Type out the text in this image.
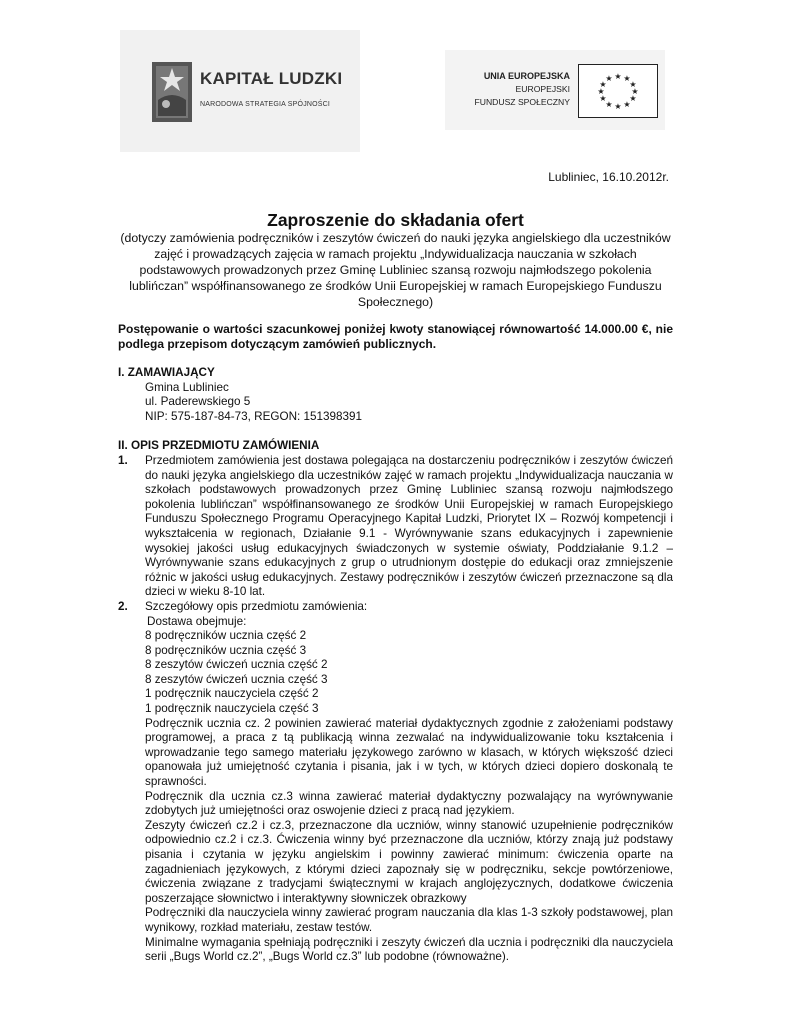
KAPITAŁ LUDZKI
NARODOWA STRATEGIA SPÓJNOŚCI
UNIA EUROPEJSKA
EUROPEJSKI
FUNDUSZ SPOŁECZNY
★ ★
★
★
★
★
★
★
★
★
★
★
Lubliniec, 16.10.2012r.
Zaproszenie do składania ofert
(dotyczy zamówienia podręczników i zeszytów ćwiczeń do nauki języka angielskiego dla uczestników zajęć i prowadzących zajęcia w ramach projektu „Indywidualizacja nauczania w szkołach podstawowych prowadzonych przez Gminę Lubliniec szansą rozwoju najmłodszego pokolenia lublińczan” współfinansowanego ze środków Unii Europejskiej w ramach Europejskiego Funduszu Społecznego)

Postępowanie o wartości szacunkowej poniżej kwoty stanowiącej równowartość 14.000.00 €, nie podlega przepisom dotyczącym zamówień publicznych.

I. ZAMAWIAJĄCY

Gmina Lubliniec

ul. Paderewskiego 5

NIP: 575-187-84-73, REGON: 151398391

II. OPIS PRZEDMIOTU ZAMÓWIENIA

1. Przedmiotem zamówienia jest dostawa polegająca na dostarczeniu podręczników i zeszytów ćwiczeń do nauki języka angielskiego dla uczestników zajęć w ramach projektu „Indywidualizacja nauczania w szkołach podstawowych prowadzonych przez Gminę Lubliniec szansą rozwoju najmłodszego pokolenia lublińczan” współfinansowanego ze środków Unii Europejskiej w ramach Europejskiego Funduszu Społecznego Programu Operacyjnego Kapitał Ludzki, Priorytet IX – Rozwój kompetencji i wykształcenia w regionach, Działanie 9.1 - Wyrównywanie szans edukacyjnych i zapewnienie wysokiej jakości usług edukacyjnych świadczonych w systemie oświaty, Poddziałanie 9.1.2 – Wyrównywanie szans edukacyjnych z grup o utrudnionym dostępie do edukacji oraz zmniejszenie różnic w jakości usług edukacyjnych. Zestawy podręczników i zeszytów ćwiczeń przeznaczone są dla dzieci w wieku 8-10 lat.

2. Szczegółowy opis przedmiotu zamówienia:

Dostawa obejmuje:

8 podręczników ucznia część 2

8 podręczników ucznia część 3

8 zeszytów ćwiczeń ucznia część 2

8 zeszytów ćwiczeń ucznia część 3

1 podręcznik nauczyciela część 2

1 podręcznik nauczyciela część 3

Podręcznik ucznia cz. 2 powinien zawierać materiał dydaktycznych zgodnie z założeniami podstawy programowej, a praca z tą publikacją winna zezwalać na indywidualizowanie toku kształcenia i wprowadzanie tego samego materiału językowego zarówno w klasach, w których większość dzieci opanowała już umiejętność czytania i pisania, jak i w tych, w których dzieci dopiero doskonalą te sprawności.

Podręcznik dla ucznia cz.3 winna zawierać materiał dydaktyczny pozwalający na wyrównywanie zdobytych już umiejętności oraz oswojenie dzieci z pracą nad językiem.

Zeszyty ćwiczeń cz.2 i cz.3, przeznaczone dla uczniów, winny stanowić uzupełnienie podręczników odpowiednio cz.2 i cz.3. Ćwiczenia winny być przeznaczone dla uczniów, którzy znają już podstawy pisania i czytania w języku angielskim i powinny zawierać minimum: ćwiczenia oparte na zagadnieniach językowych, z którymi dzieci zapoznały się w podręczniku, sekcje powtórzeniowe, ćwiczenia związane z tradycjami świątecznymi w krajach anglojęzycznych, dodatkowe ćwiczenia poszerzające słownictwo i interaktywny słowniczek obrazkowy

Podręczniki dla nauczyciela winny zawierać program nauczania dla klas 1-3 szkoły podstawowej, plan wynikowy, rozkład materiału, zestaw testów.

Minimalne wymagania spełniają podręczniki i zeszyty ćwiczeń dla ucznia i podręczniki dla nauczyciela serii „Bugs World cz.2”, „Bugs World cz.3” lub podobne (równoważne).
